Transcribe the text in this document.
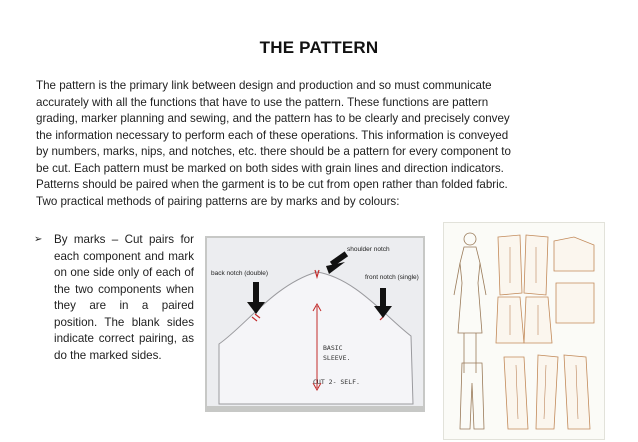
THE PATTERN
The pattern is the primary link between design and production and so must communicate
accurately with all the functions that have to use the pattern. These functions are pattern
grading, marker planning and sewing, and the pattern has to be clearly and precisely convey
the information necessary to perform each of these operations. This information is conveyed
by numbers, marks, nips, and notches, etc. there should be a pattern for every component to
be cut. Each pattern must be marked on both sides with grain lines and direction indicators.
Patterns should be paired when the garment is to be cut from open rather than folded fabric.
Two practical methods of pairing patterns are by marks and by colours:
➢ By marks – Cut pairs for each component and mark on one side only of each of the two components when they are in a paired position. The blank sides indicate correct pairing, as do the marked sides.
shoulder notch
back notch (double)
front notch (single)
BASIC
SLEEVE.
CUT 2- SELF.
